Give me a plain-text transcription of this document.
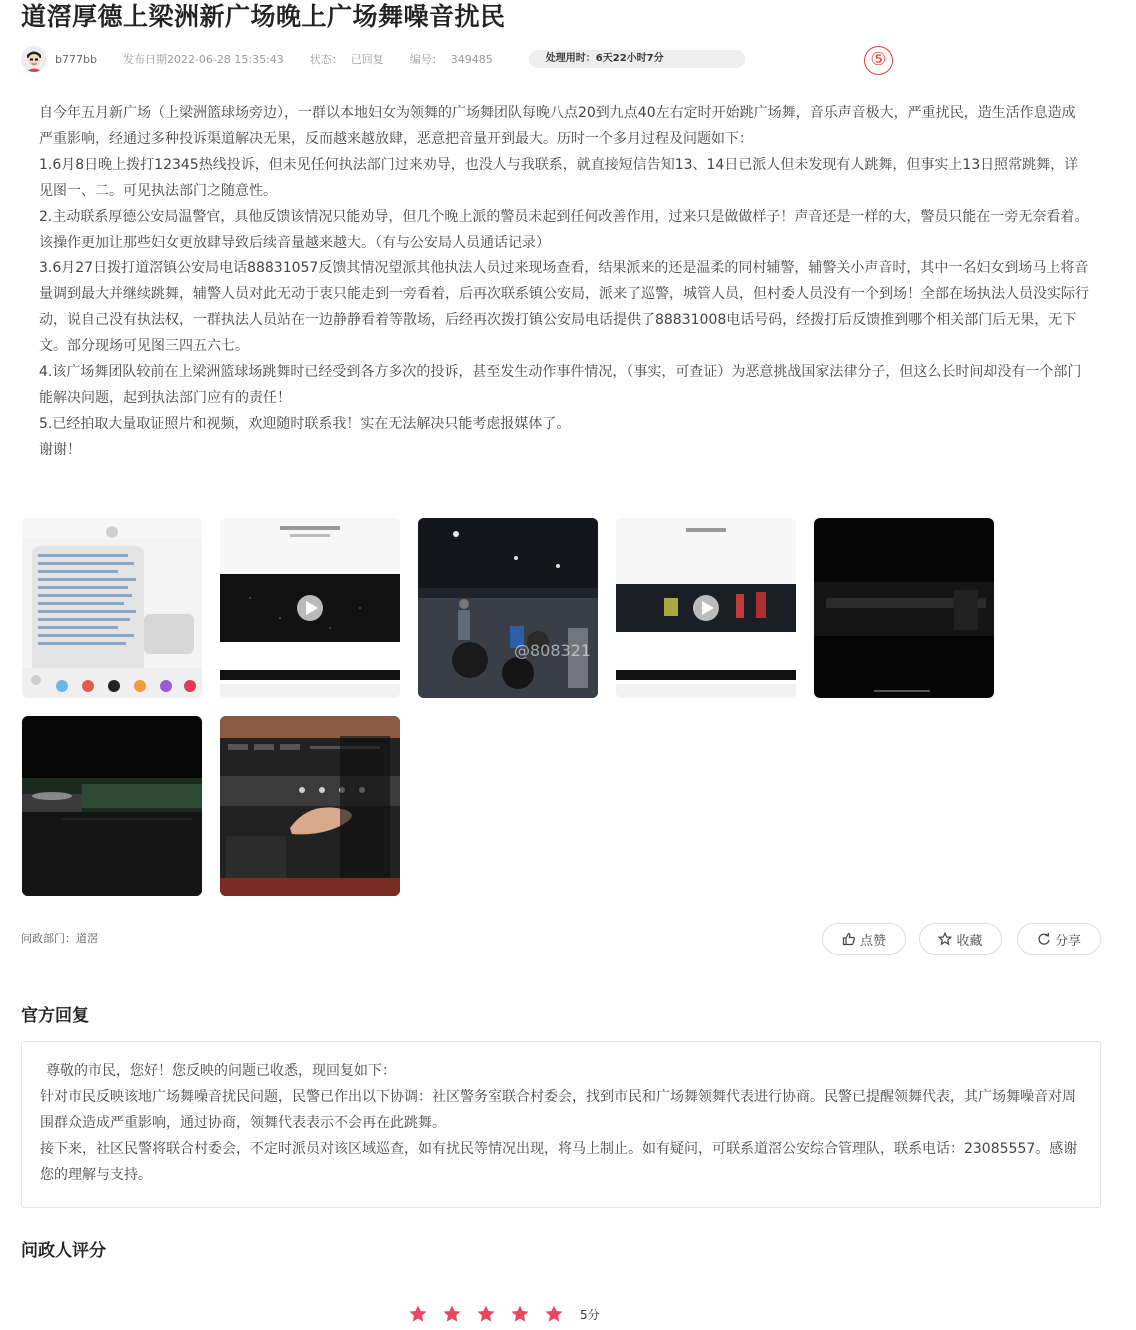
道滘厚德上梁洲新广场晚上广场舞噪音扰民
b777bb 发布日期2022-06-28 15:35:43 状态： 已回复 编号： 349485	处理用时：6天22小时7分	⑤

自今年五月新广场（上梁洲篮球场旁边），一群以本地妇女为领舞的广场舞团队每晚八点20到九点40左右定时开始跳广场舞，音乐声音极大，严重扰民，造生活作息造成严重影响，经通过多种投诉渠道解决无果，反而越来越放肆，恶意把音量开到最大。历时一个多月过程及问题如下：

1.6月8日晚上拨打12345热线投诉，但未见任何执法部门过来劝导，也没人与我联系，就直接短信告知13、14日已派人但未发现有人跳舞，但事实上13日照常跳舞，详见图一、二。可见执法部门之随意性。

2.主动联系厚德公安局温警官，具他反馈该情况只能劝导，但几个晚上派的警员未起到任何改善作用，过来只是做做样子！声音还是一样的大，警员只能在一旁无奈看着。该操作更加让那些妇女更放肆导致后续音量越来越大。（有与公安局人员通话记录）

3.6月27日拨打道滘镇公安局电话88831057反馈其情况望派其他执法人员过来现场查看，结果派来的还是温柔的同村辅警，辅警关小声音时，其中一名妇女到场马上将音量调到最大并继续跳舞，辅警人员对此无动于衷只能走到一旁看着，后再次联系镇公安局，派来了巡警，城管人员，但村委人员没有一个到场！全部在场执法人员没实际行动，说自己没有执法权，一群执法人员站在一边静静看着等散场，后经再次拨打镇公安局电话提供了88831008电话号码，经拨打后反馈推到哪个相关部门后无果，无下文。部分现场可见图三四五六七。

4.该广场舞团队较前在上梁洲篮球场跳舞时已经受到各方多次的投诉，甚至发生动作事件情况，（事实，可查证）为恶意挑战国家法律分子，但这么长时间却没有一个部门能解决问题，起到执法部门应有的责任！

5.已经拍取大量取证照片和视频，欢迎随时联系我！实在无法解决只能考虑报媒体了。

谢谢！

@808321
问政部门：道滘	点赞	收藏	分享
官方回复

尊敬的市民，您好！您反映的问题已收悉，现回复如下：

针对市民反映该地广场舞噪音扰民问题，民警已作出以下协调：社区警务室联合村委会，找到市民和广场舞领舞代表进行协商。民警已提醒领舞代表，其广场舞噪音对周围群众造成严重影响，通过协商，领舞代表表示不会再在此跳舞。

接下来，社区民警将联合村委会，不定时派员对该区域巡查，如有扰民等情况出现，将马上制止。如有疑问，可联系道滘公安综合管理队，联系电话：23085557。感谢您的理解与支持。

问政人评分
5分
